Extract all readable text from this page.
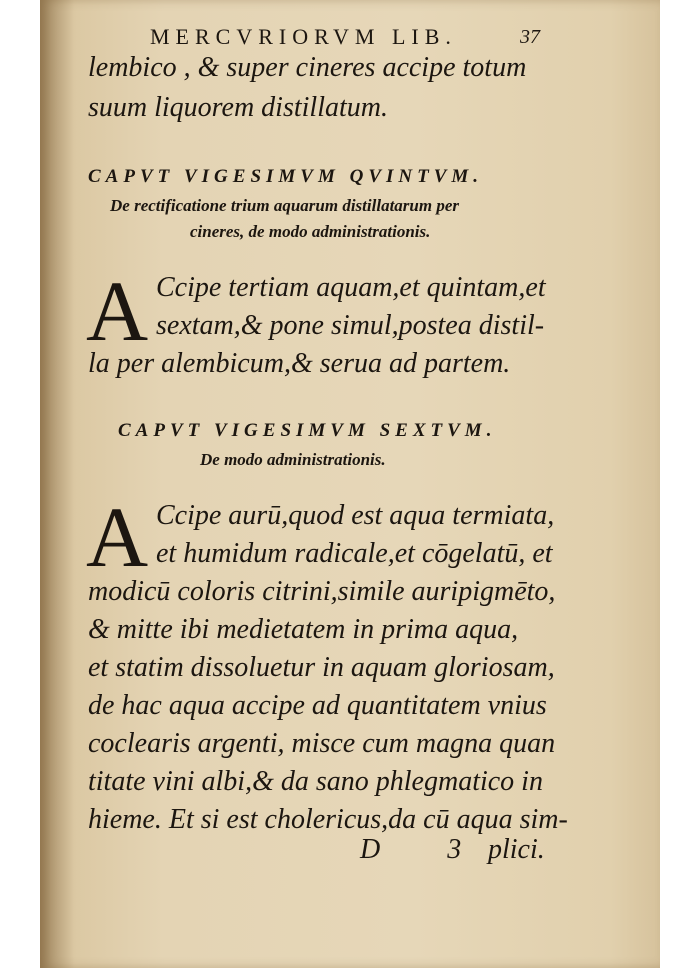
MERCVRIORVM LIB.	37
lembico , & super cineres accipe totum
suum liquorem distillatum.
CAPVT VIGESIMVM QVINTVM.
De rectificatione trium aquarum distillatarum per
cineres, de modo administrationis.
A Ccipe tertiam aquam,et quintam,et
sextam,& pone simul,postea distil-
la per alembicum,& serua ad partem.
CAPVT VIGESIMVM SEXTVM.
De modo administrationis.
A Ccipe aurū,quod est aqua termiata,
et humidum radicale,et cōgelatū, et
modicū coloris citrini,simile auripigmēto,
& mitte ibi medietatem in prima aqua,
et statim dissoluetur in aquam gloriosam,
de hac aqua accipe ad quantitatem vnius
coclearis argenti, misce cum magna quan
titate vini albi,& da sano phlegmatico in
hieme. Et si est cholericus,da cū aqua sim-
D 3
plici.
